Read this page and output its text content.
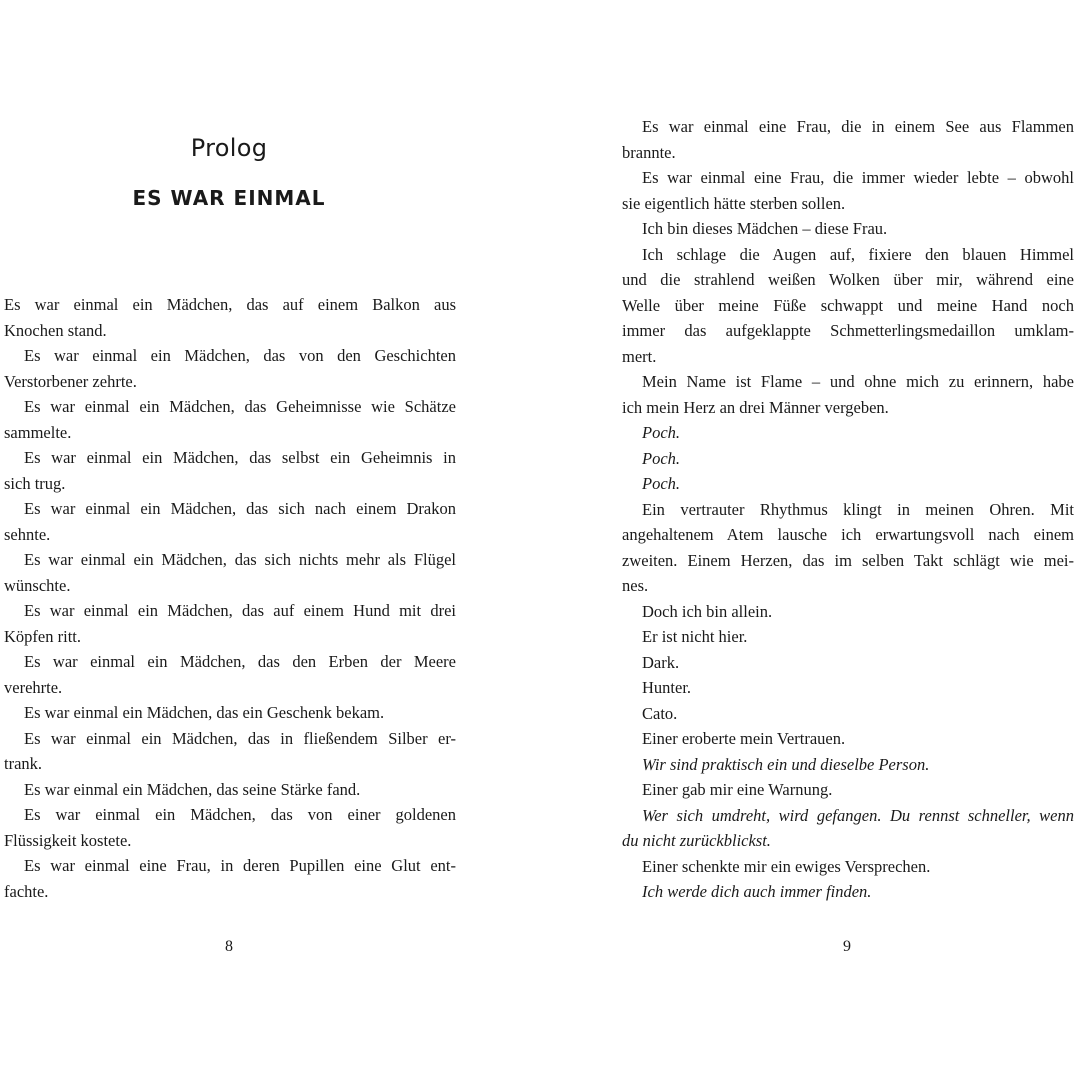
Prolog
ES WAR EINMAL

Es war einmal ein Mädchen, das auf einem Balkon aus
Knochen stand.

Es war einmal ein Mädchen, das von den Geschichten
Verstorbener zehrte.

Es war einmal ein Mädchen, das Geheimnisse wie Schätze
sammelte.

Es war einmal ein Mädchen, das selbst ein Geheimnis in
sich trug.

Es war einmal ein Mädchen, das sich nach einem Drakon
sehnte.

Es war einmal ein Mädchen, das sich nichts mehr als Flügel
wünschte.

Es war einmal ein Mädchen, das auf einem Hund mit drei
Köpfen ritt.

Es war einmal ein Mädchen, das den Erben der Meere
verehrte.

Es war einmal ein Mädchen, das ein Geschenk bekam.

Es war einmal ein Mädchen, das in fließendem Silber er-
trank.

Es war einmal ein Mädchen, das seine Stärke fand.

Es war einmal ein Mädchen, das von einer goldenen
Flüssigkeit kostete.

Es war einmal eine Frau, in deren Pupillen eine Glut ent-
fachte.

8

Es war einmal eine Frau, die in einem See aus Flammen
brannte.

Es war einmal eine Frau, die immer wieder lebte – obwohl
sie eigentlich hätte sterben sollen.

Ich bin dieses Mädchen – diese Frau.

Ich schlage die Augen auf, fixiere den blauen Himmel
und die strahlend weißen Wolken über mir, während eine
Welle über meine Füße schwappt und meine Hand noch
immer das aufgeklappte Schmetterlingsmedaillon umklam-
mert.

Mein Name ist Flame – und ohne mich zu erinnern, habe
ich mein Herz an drei Männer vergeben.

Poch.

Poch.

Poch.

Ein vertrauter Rhythmus klingt in meinen Ohren. Mit
angehaltenem Atem lausche ich erwartungsvoll nach einem
zweiten. Einem Herzen, das im selben Takt schlägt wie mei-
nes.

Doch ich bin allein.

Er ist nicht hier.

Dark.

Hunter.

Cato.

Einer eroberte mein Vertrauen.

Wir sind praktisch ein und dieselbe Person.

Einer gab mir eine Warnung.

Wer sich umdreht, wird gefangen. Du rennst schneller, wenn
du nicht zurückblickst.

Einer schenkte mir ein ewiges Versprechen.

Ich werde dich auch immer finden.

9
